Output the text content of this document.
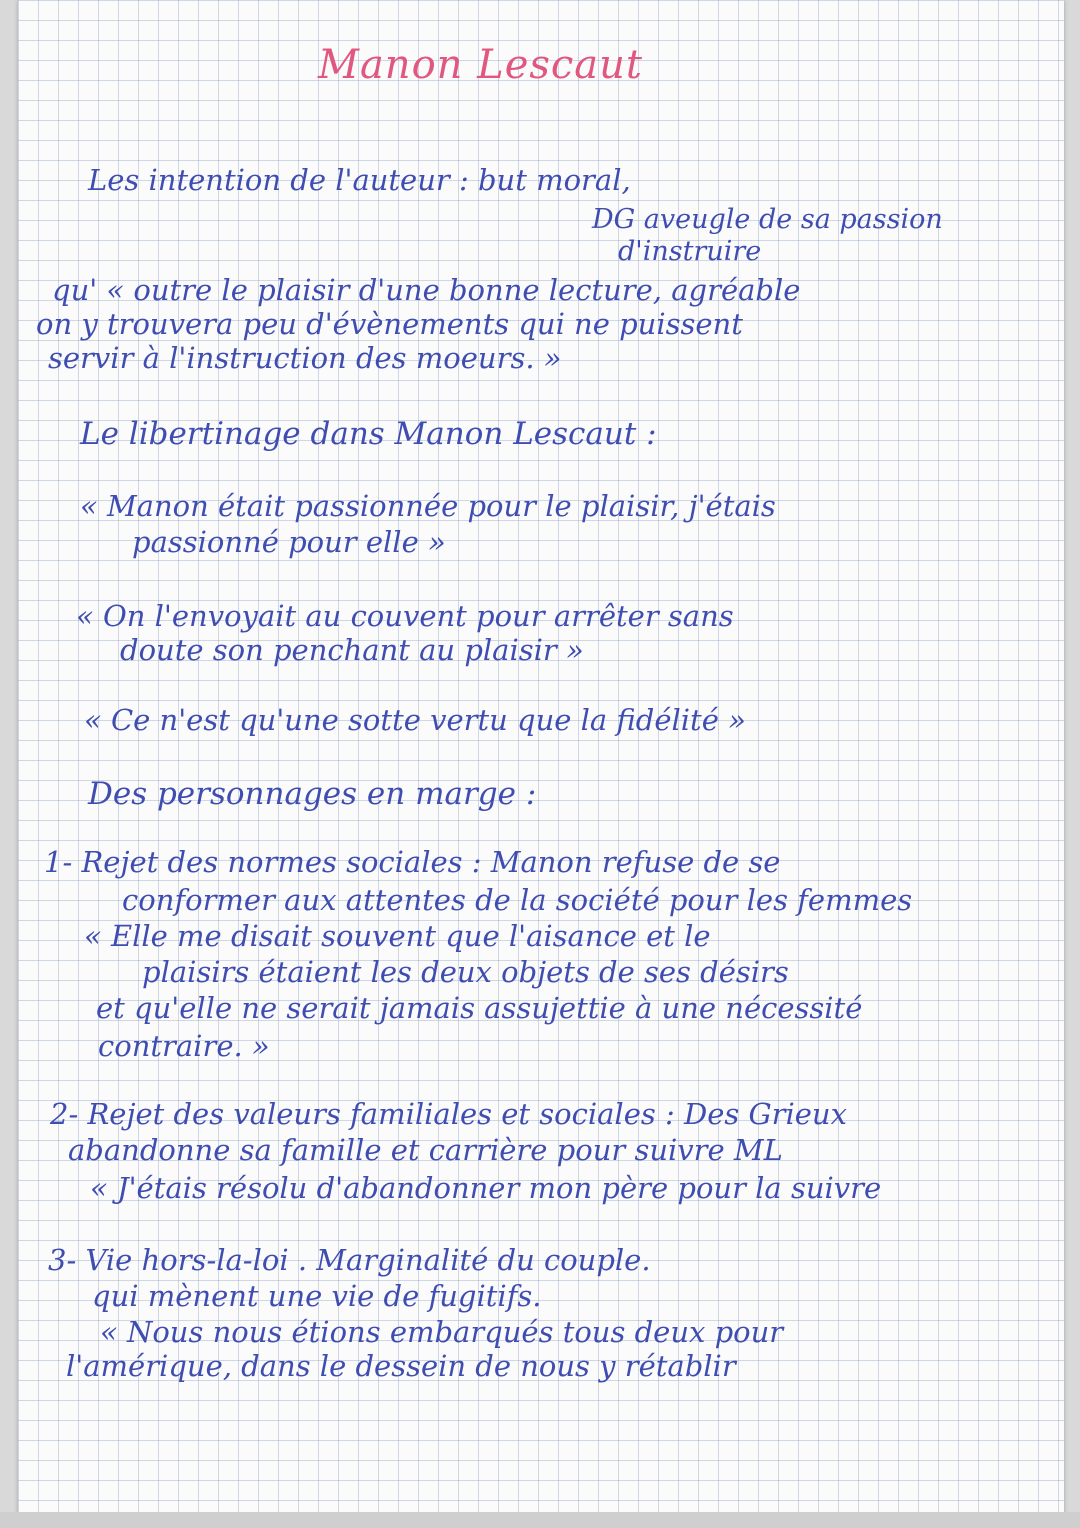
Manon Lescaut
Les intention de l'auteur : but moral,
DG aveugle de sa passion
d'instruire
qu' « outre le plaisir d'une bonne lecture, agréable
on y trouvera peu d'évènements qui ne puissent
servir à l'instruction des moeurs. »
Le libertinage dans Manon Lescaut :
« Manon était passionnée pour le plaisir, j'étais
passionné pour elle »
« On l'envoyait au couvent pour arrêter sans
doute son penchant au plaisir »
« Ce n'est qu'une sotte vertu que la fidélité »
Des personnages en marge :
1- Rejet des normes sociales : Manon refuse de se
conformer aux attentes de la société pour les femmes
« Elle me disait souvent que l'aisance et le
plaisirs étaient les deux objets de ses désirs
et qu'elle ne serait jamais assujettie à une nécessité
contraire. »
2- Rejet des valeurs familiales et sociales : Des Grieux
abandonne sa famille et carrière pour suivre ML
« J'étais résolu d'abandonner mon père pour la suivre
3- Vie hors-la-loi . Marginalité du couple.
qui mènent une vie de fugitifs.
« Nous nous étions embarqués tous deux pour
l'amérique, dans le dessein de nous y rétablir
